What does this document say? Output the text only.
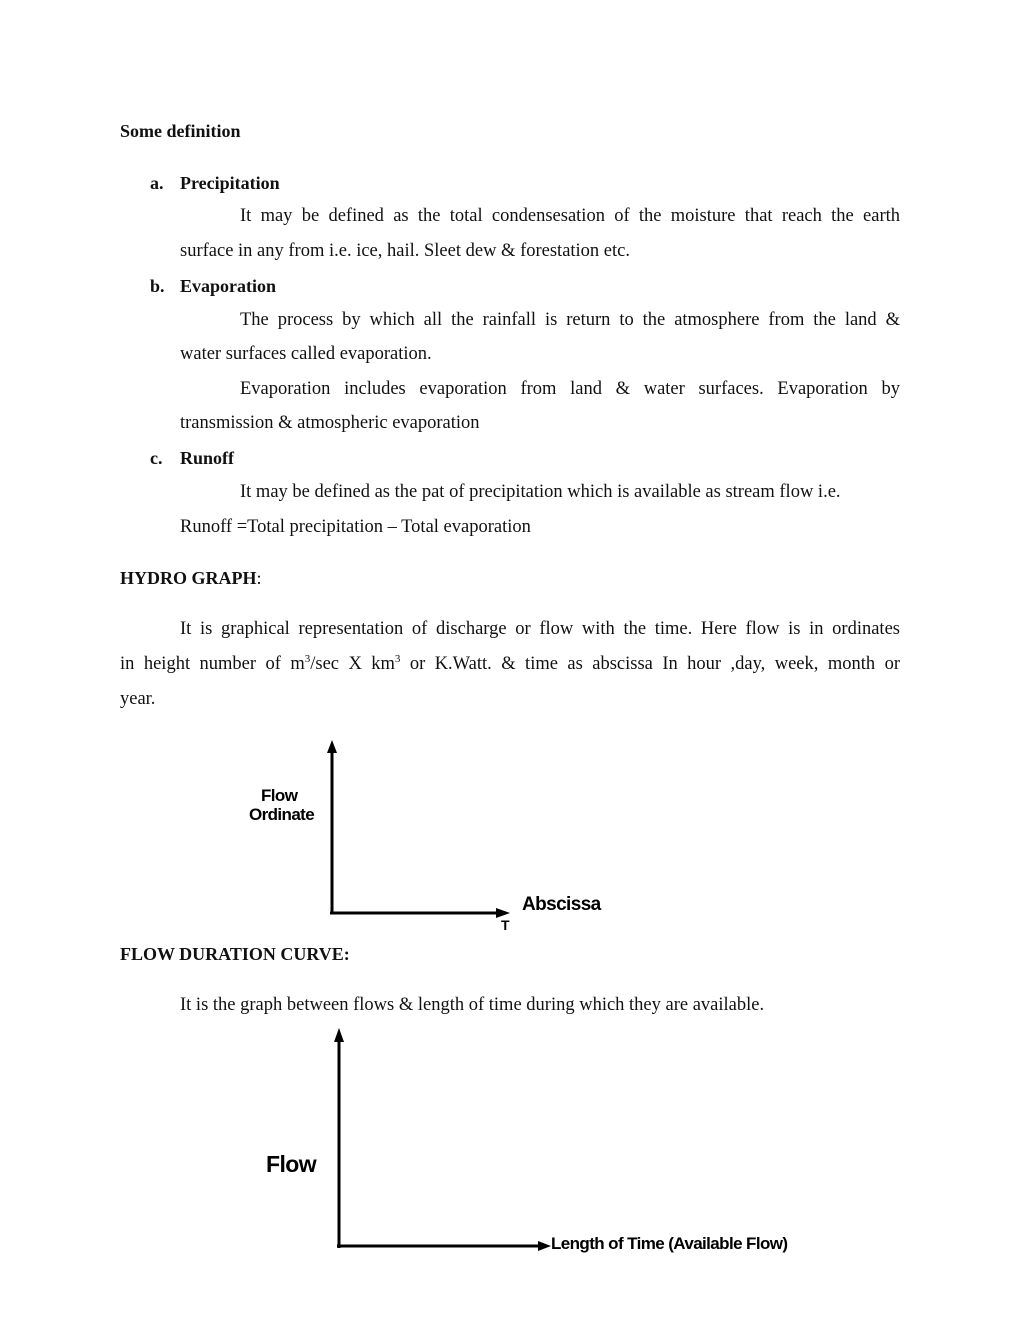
Some definition
a. Precipitation
It may be defined as the total condensesation of the moisture that reach the earth
surface in any from i.e. ice, hail. Sleet dew & forestation etc.
b. Evaporation
The process by which all the rainfall is return to the atmosphere from the land &
water surfaces called evaporation.
Evaporation includes evaporation from land & water surfaces. Evaporation by
transmission & atmospheric evaporation
c. Runoff
It may be defined as the pat of precipitation which is available as stream flow i.e.
Runoff =Total precipitation – Total evaporation
HYDRO GRAPH:
It is graphical representation of discharge or flow with the time. Here flow is in ordinates
in height number of $m^3/\sec$ X $km^3$ or K.Watt. & time as abscissa In hour ,day, week, month or
year.
Flow
Ordinate
Abscissa
T
FLOW DURATION CURVE:
It is the graph between flows & length of time during which they are available.
Flow
Length of Time (Available Flow)
